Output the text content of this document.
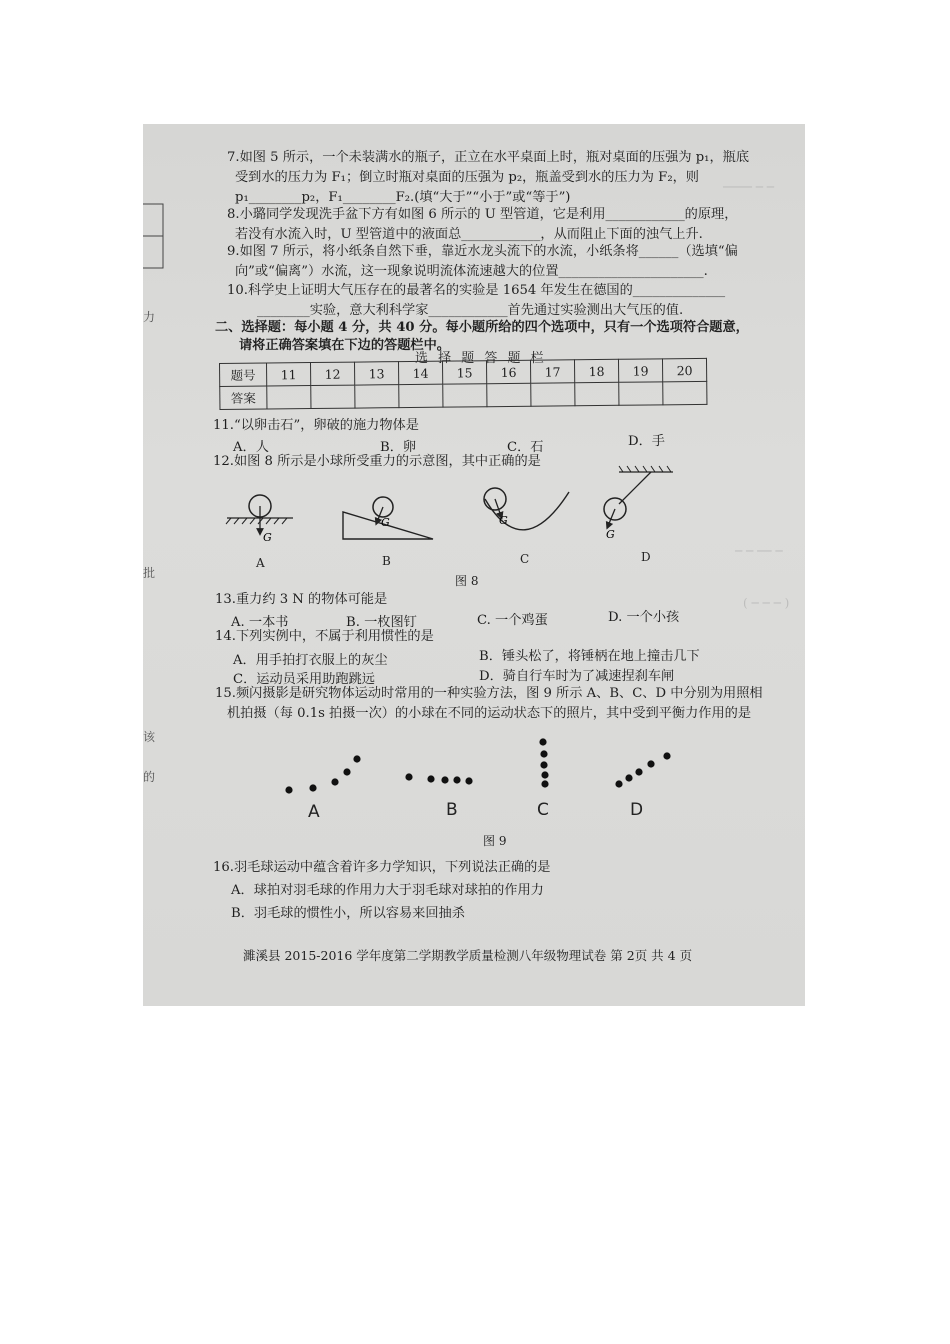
力
批
该
的
──── ─ ─
─ ─ ── ─
( ─ ─ ─ )
7.如图 5 所示，一个未装满水的瓶子，正立在水平桌面上时，瓶对桌面的压强为 p₁，瓶底
受到水的压力为 F₁；倒立时瓶对桌面的压强为 p₂，瓶盖受到水的压力为 F₂，则
p₁________p₂，F₁________F₂.(填“大于”“小于”或“等于”)
8.小璐同学发现洗手盆下方有如图 6 所示的 U 型管道，它是利用____________的原理，
若没有水流入时，U 型管道中的液面总____________，从而阻止下面的浊气上升.
9.如图 7 所示，将小纸条自然下垂，靠近水龙头流下的水流，小纸条将______（选填“偏
向”或“偏离”）水流，这一现象说明流体流速越大的位置______________________.
10.科学史上证明大气压存在的最著名的实验是 1654 年发生在德国的______________
________实验，意大利科学家____________首先通过实验测出大气压的值.
二、选择题：每小题 4 分，共 40 分。每小题所给的四个选项中，只有一个选项符合题意，
请将正确答案填在下边的答题栏中。
选 择 题 答 题 栏
题号	11	12	13	14	15	16	17	18	19	20
答案										
11.“以卵击石”，卵破的施力物体是
A．人	B．卵	C．石	D．手
12.如图 8 所示是小球所受重力的示意图，其中正确的是
G
G	G
G
A	B	C	D
图 8
13.重力约 3 N 的物体可能是
A. 一本书	B. 一枚图钉	C. 一个鸡蛋	D. 一个小孩
14.下列实例中，不属于利用惯性的是
A．用手拍打衣服上的灰尘	B．锤头松了，将锤柄在地上撞击几下
C．运动员采用助跑跳远	D．骑自行车时为了减速捏刹车闸
15.频闪摄影是研究物体运动时常用的一种实验方法，图 9 所示 A、B、C、D 中分别为用照相
机拍摄（每 0.1s 拍摄一次）的小球在不同的运动状态下的照片，其中受到平衡力作用的是
A	B	C	D
图 9
16.羽毛球运动中蕴含着许多力学知识，下列说法正确的是
A．球拍对羽毛球的作用力大于羽毛球对球拍的作用力
B．羽毛球的惯性小，所以容易来回抽杀
濉溪县 2015-2016 学年度第二学期教学质量检测八年级物理试卷 第 2页 共 4 页
